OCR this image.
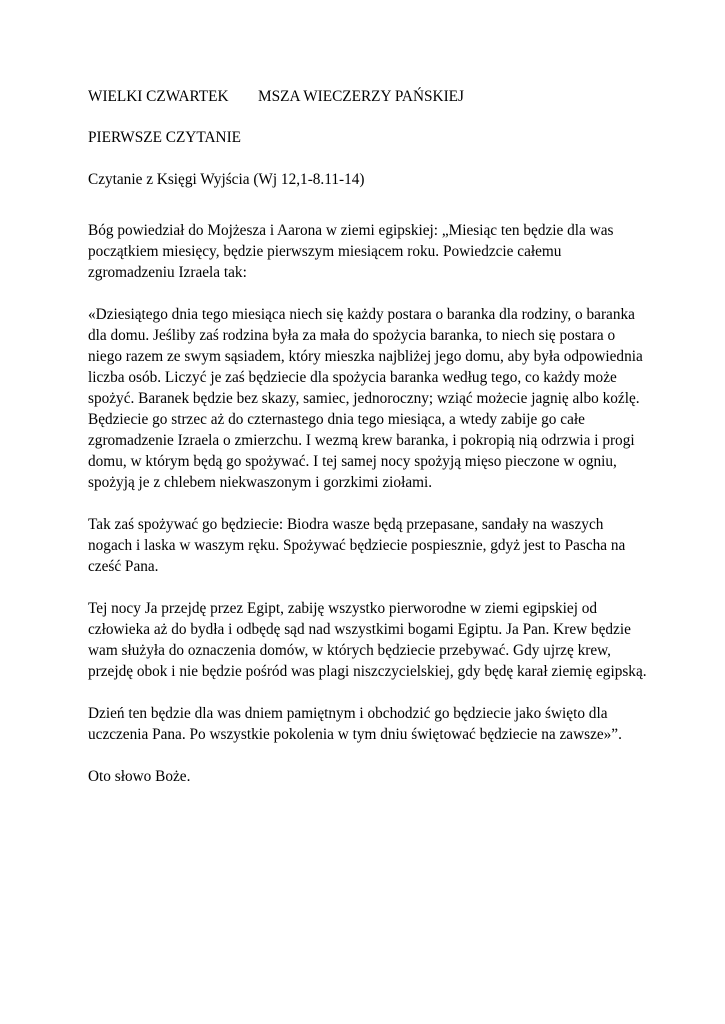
WIELKI CZWARTEK MSZA WIECZERZY PAŃSKIEJ
PIERWSZE CZYTANIE
Czytanie z Księgi Wyjścia (Wj 12,1-8.11-14)

Bóg powiedział do Mojżesza i Aarona w ziemi egipskiej: „Miesiąc ten będzie dla was początkiem miesięcy, będzie pierwszym miesiącem roku. Powiedzcie całemu zgromadzeniu Izraela tak:

«Dziesiątego dnia tego miesiąca niech się każdy postara o baranka dla rodziny, o baranka dla domu. Jeśliby zaś rodzina była za mała do spożycia baranka, to niech się postara o niego razem ze swym sąsiadem, który mieszka najbliżej jego domu, aby była odpowiednia liczba osób. Liczyć je zaś będziecie dla spożycia baranka według tego, co każdy może spożyć. Baranek będzie bez skazy, samiec, jednoroczny; wziąć możecie jagnię albo koźlę. Będziecie go strzec aż do czternastego dnia tego miesiąca, a wtedy zabije go całe zgromadzenie Izraela o zmierzchu. I wezmą krew baranka, i pokropią nią odrzwia i progi domu, w którym będą go spożywać. I tej samej nocy spożyją mięso pieczone w ogniu, spożyją je z chlebem niekwaszonym i gorzkimi ziołami.

Tak zaś spożywać go będziecie: Biodra wasze będą przepasane, sandały na waszych nogach i laska w waszym ręku. Spożywać będziecie pospiesznie, gdyż jest to Pascha na cześć Pana.

Tej nocy Ja przejdę przez Egipt, zabiję wszystko pierworodne w ziemi egipskiej od człowieka aż do bydła i odbędę sąd nad wszystkimi bogami Egiptu. Ja Pan. Krew będzie wam służyła do oznaczenia domów, w których będziecie przebywać. Gdy ujrzę krew, przejdę obok i nie będzie pośród was plagi niszczycielskiej, gdy będę karał ziemię egipską.

Dzień ten będzie dla was dniem pamiętnym i obchodzić go będziecie jako święto dla uczczenia Pana. Po wszystkie pokolenia w tym dniu świętować będziecie na zawsze»”.

Oto słowo Boże.
